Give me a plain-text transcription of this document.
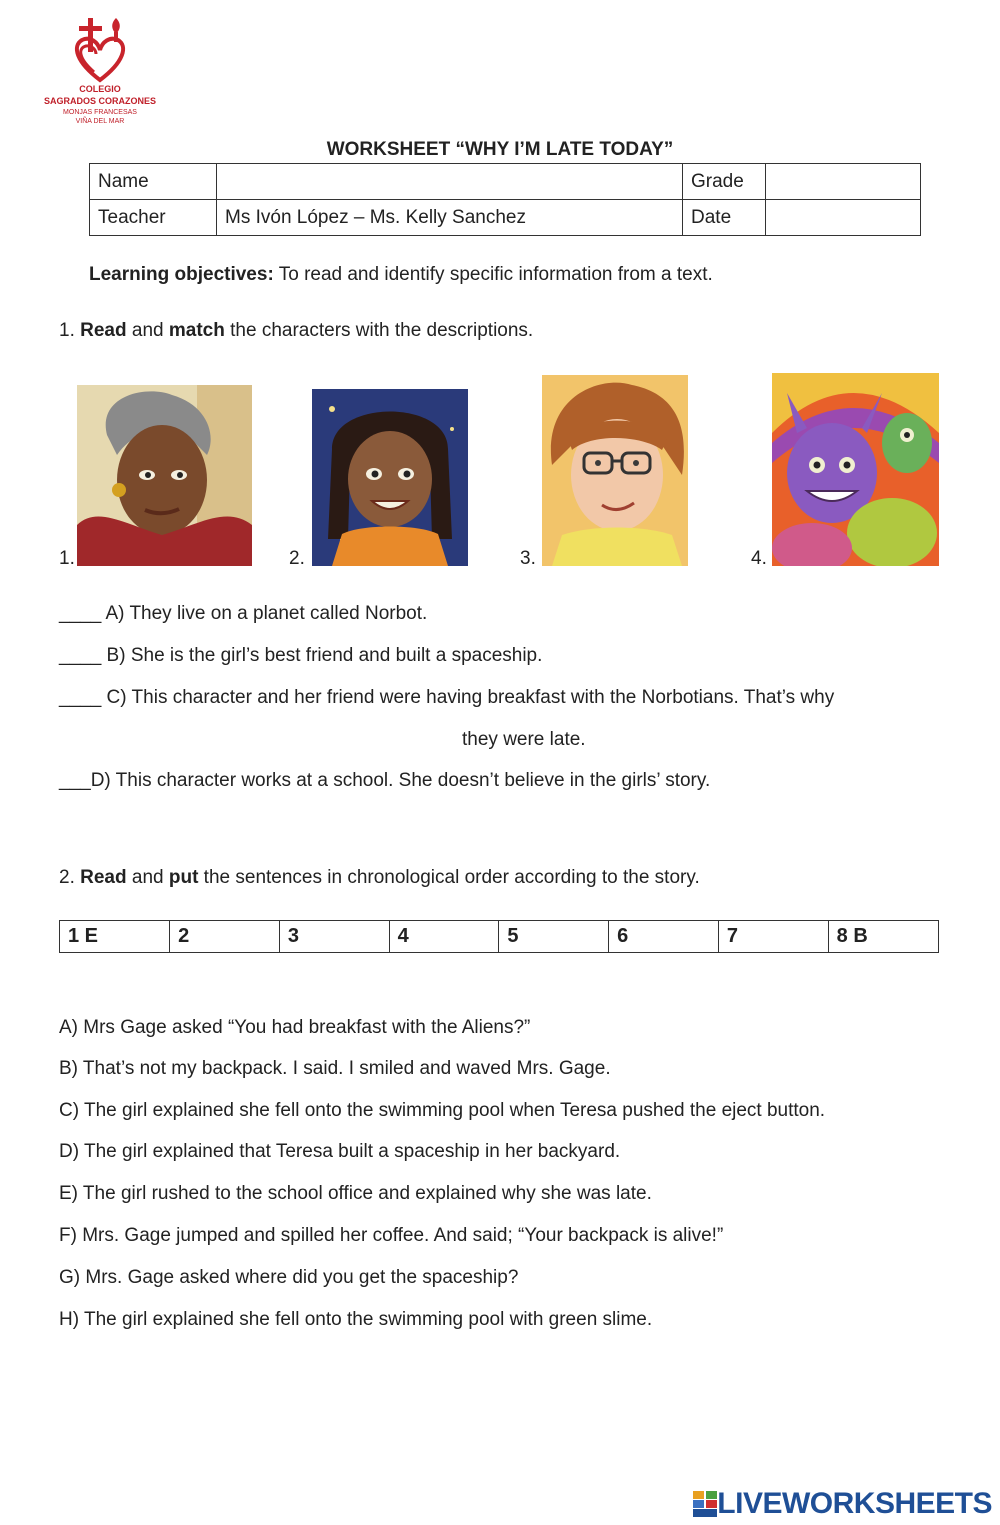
COLEGIO
SAGRADOS CORAZONES
MONJAS FRANCESAS
VIÑA DEL MAR
WORKSHEET “WHY I’M LATE TODAY”
Name		Grade	
Teacher	Ms Ivón López – Ms. Kelly Sanchez	Date	
Learning objectives: To read and identify specific information from a text.
1. Read and match the characters with the descriptions.
1.	2.	3.	4.
____ A) They live on a planet called Norbot.
____ B) She is the girl’s best friend and built a spaceship.
____ C) This character and her friend were having breakfast with the Norbotians. That’s why
they were late.
___D) This character works at a school. She doesn’t believe in the girls’ story.
2. Read and put the sentences in chronological order according to the story.
1 E	2	3	4	5	6	7	8 B
A) Mrs Gage asked “You had breakfast with the Aliens?”
B) That’s not my backpack. I said. I smiled and waved Mrs. Gage.
C) The girl explained she fell onto the swimming pool when Teresa pushed the eject button.
D) The girl explained that Teresa built a spaceship in her backyard.
E) The girl rushed to the school office and explained why she was late.
F) Mrs. Gage jumped and spilled her coffee. And said; “Your backpack is alive!”
G) Mrs. Gage asked where did you get the spaceship?
H) The girl explained she fell onto the swimming pool with green slime.
LIVEWORKSHEETS
